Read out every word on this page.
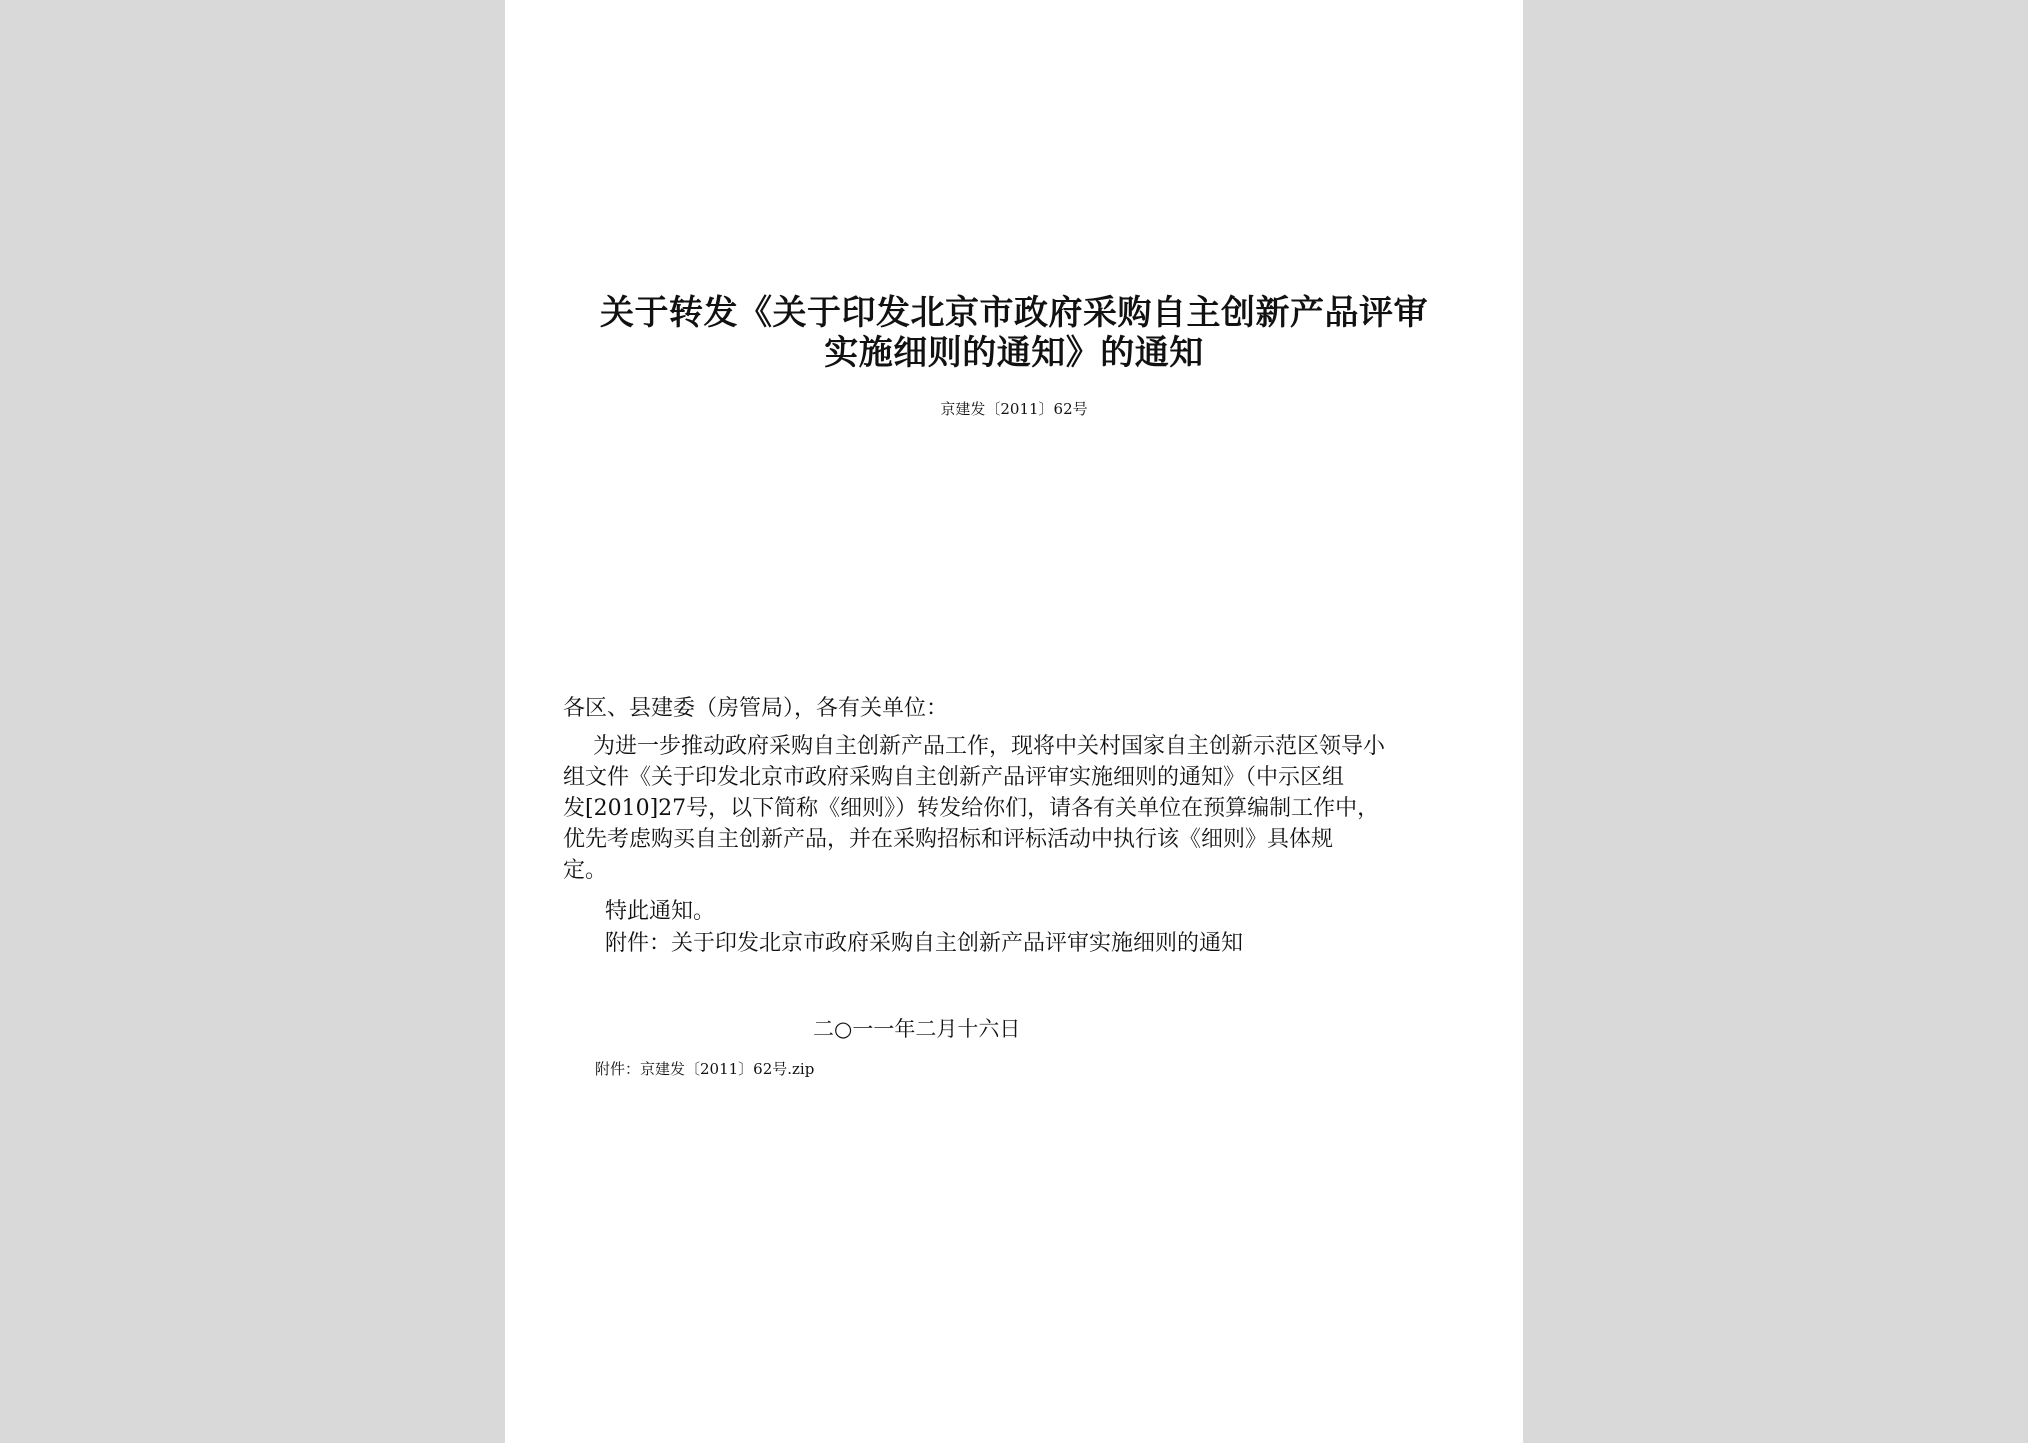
关于转发《关于印发北京市政府采购自主创新产品评审
实施细则的通知》的通知
京建发〔2011〕62号
各区、县建委（房管局），各有关单位：
为进一步推动政府采购自主创新产品工作，现将中关村国家自主创新示范区领导小
组文件《关于印发北京市政府采购自主创新产品评审实施细则的通知》（中示区组
发[2010]27号，以下简称《细则》）转发给你们，请各有关单位在预算编制工作中，
优先考虑购买自主创新产品，并在采购招标和评标活动中执行该《细则》具体规
定。
特此通知。
附件：关于印发北京市政府采购自主创新产品评审实施细则的通知
二○一一年二月十六日
附件：京建发〔2011〕62号.zip
